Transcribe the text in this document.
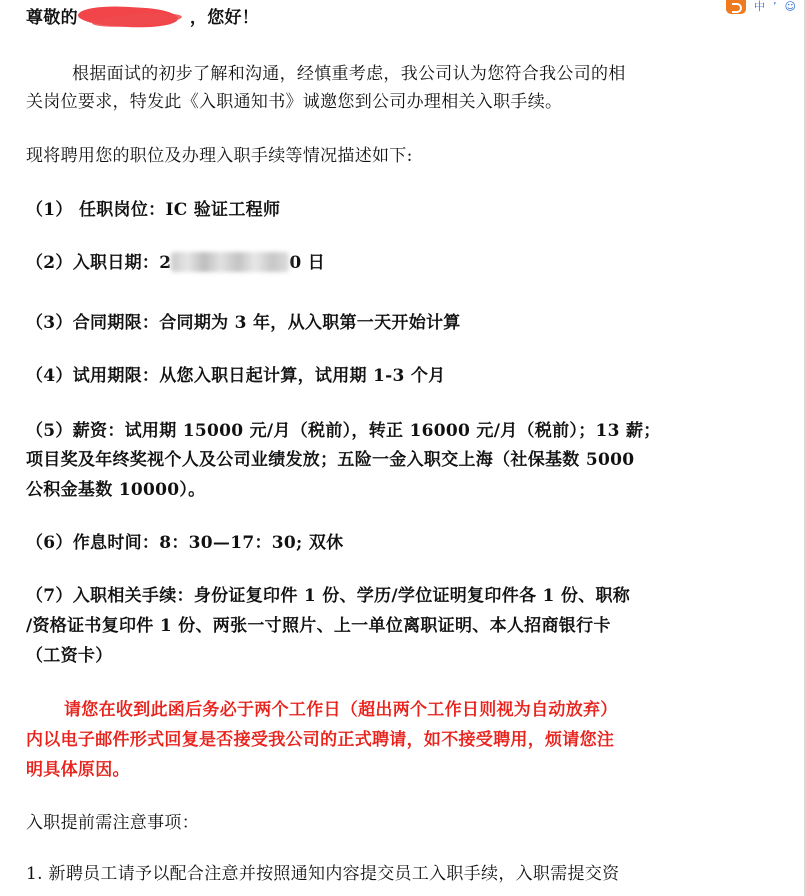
中 ʼ ☺
尊敬的	，您好！
根据面试的初步了解和沟通，经慎重考虑，我公司认为您符合我公司的相
关岗位要求，特发此《入职通知书》诚邀您到公司办理相关入职手续。
现将聘用您的职位及办理入职手续等情况描述如下:
（1） 任职岗位：IC 验证工程师
（2）入职日期：2	0 日
（3）合同期限：合同期为 3 年，从入职第一天开始计算
（4）试用期限：从您入职日起计算，试用期 1-3 个月
（5）薪资：试用期 15000 元/月（税前），转正 16000 元/月（税前）；13 薪；
项目奖及年终奖视个人及公司业绩发放；五险一金入职交上海（社保基数 5000
公积金基数 10000）。
（6）作息时间：8：30—17：30; 双休
（7）入职相关手续：身份证复印件 1 份、学历/学位证明复印件各 1 份、职称
/资格证书复印件 1 份、两张一寸照片、上一单位离职证明、本人招商银行卡
（工资卡）
请您在收到此函后务必于两个工作日（超出两个工作日则视为自动放弃）
内以电子邮件形式回复是否接受我公司的正式聘请，如不接受聘用，烦请您注
明具体原因。
入职提前需注意事项：
1. 新聘员工请予以配合注意并按照通知内容提交员工入职手续，入职需提交资
